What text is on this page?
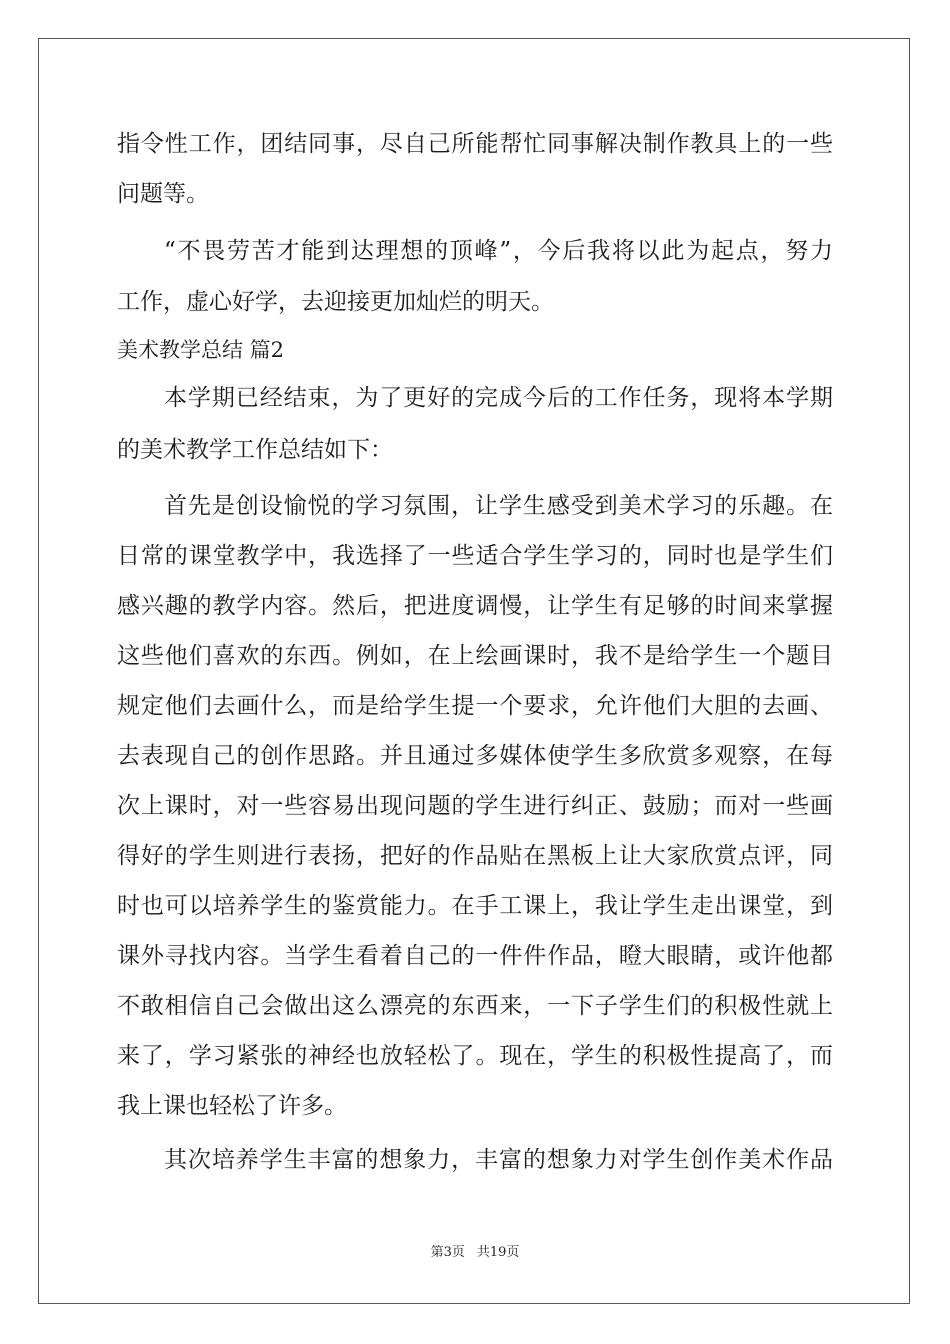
指令性工作，团结同事，尽自己所能帮忙同事解决制作教具上的一些
问题等。
“不畏劳苦才能到达理想的顶峰”，今后我将以此为起点，努力
工作，虚心好学，去迎接更加灿烂的明天。
美术教学总结 篇2
本学期已经结束，为了更好的完成今后的工作任务，现将本学期
的美术教学工作总结如下：
首先是创设愉悦的学习氛围，让学生感受到美术学习的乐趣。在
日常的课堂教学中，我选择了一些适合学生学习的，同时也是学生们
感兴趣的教学内容。然后，把进度调慢，让学生有足够的时间来掌握
这些他们喜欢的东西。例如，在上绘画课时，我不是给学生一个题目
规定他们去画什么，而是给学生提一个要求，允许他们大胆的去画、
去表现自己的创作思路。并且通过多媒体使学生多欣赏多观察，在每
次上课时，对一些容易出现问题的学生进行纠正、鼓励；而对一些画
得好的学生则进行表扬，把好的作品贴在黑板上让大家欣赏点评，同
时也可以培养学生的鉴赏能力。在手工课上，我让学生走出课堂，到
课外寻找内容。当学生看着自己的一件件作品，瞪大眼睛，或许他都
不敢相信自己会做出这么漂亮的东西来，一下子学生们的积极性就上
来了，学习紧张的神经也放轻松了。现在，学生的积极性提高了，而
我上课也轻松了许多。
其次培养学生丰富的想象力，丰富的想象力对学生创作美术作品
第3页 共19页
